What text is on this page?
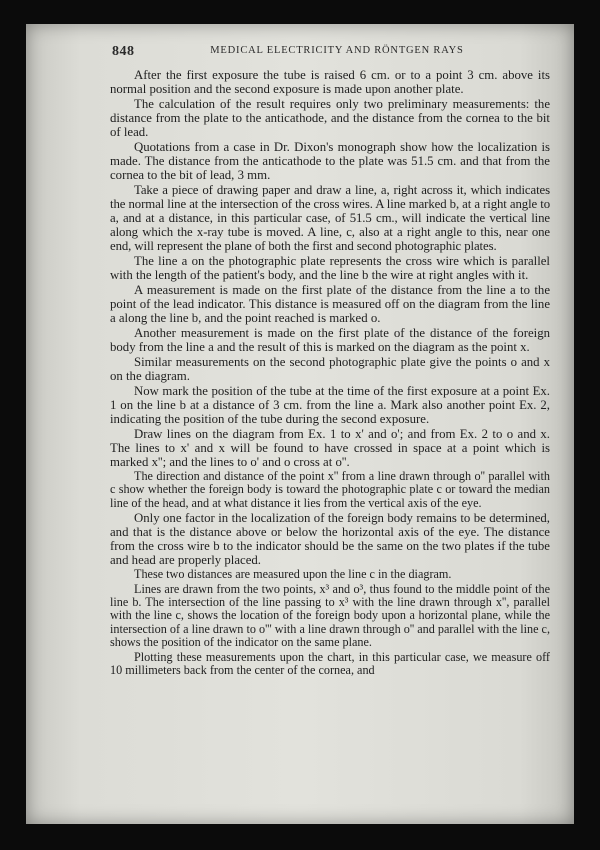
848	MEDICAL ELECTRICITY AND RÖNTGEN RAYS

After the first exposure the tube is raised 6 cm. or to a point 3 cm. above its normal position and the second exposure is made upon another plate.

The calculation of the result requires only two preliminary measurements: the distance from the plate to the anticathode, and the distance from the cornea to the bit of lead.

Quotations from a case in Dr. Dixon's monograph show how the localization is made. The distance from the anticathode to the plate was 51.5 cm. and that from the cornea to the bit of lead, 3 mm.

Take a piece of drawing paper and draw a line, a, right across it, which indicates the normal line at the intersection of the cross wires. A line marked b, at a right angle to a, and at a distance, in this particular case, of 51.5 cm., will indicate the vertical line along which the x-ray tube is moved. A line, c, also at a right angle to this, near one end, will represent the plane of both the first and second photographic plates.

The line a on the photographic plate represents the cross wire which is parallel with the length of the patient's body, and the line b the wire at right angles with it.

A measurement is made on the first plate of the distance from the line a to the point of the lead indicator. This distance is measured off on the diagram from the line a along the line b, and the point reached is marked o.

Another measurement is made on the first plate of the distance of the foreign body from the line a and the result of this is marked on the diagram as the point x.

Similar measurements on the second photographic plate give the points o and x on the diagram.

Now mark the position of the tube at the time of the first exposure at a point Ex. 1 on the line b at a distance of 3 cm. from the line a. Mark also another point Ex. 2, indicating the position of the tube during the second exposure.

Draw lines on the diagram from Ex. 1 to x' and o'; and from Ex. 2 to o and x. The lines to x' and x will be found to have crossed in space at a point which is marked x''; and the lines to o' and o cross at o''.

The direction and distance of the point x'' from a line drawn through o'' parallel with c show whether the foreign body is toward the photographic plate c or toward the median line of the head, and at what distance it lies from the vertical axis of the eye.

Only one factor in the localization of the foreign body remains to be determined, and that is the distance above or below the horizontal axis of the eye. The distance from the cross wire b to the indicator should be the same on the two plates if the tube and head are properly placed.

These two distances are measured upon the line c in the diagram.

Lines are drawn from the two points, x³ and o³, thus found to the middle point of the line b. The intersection of the line passing to x³ with the line drawn through x'', parallel with the line c, shows the location of the foreign body upon a horizontal plane, while the intersection of a line drawn to o''' with a line drawn through o'' and parallel with the line c, shows the position of the indicator on the same plane.

Plotting these measurements upon the chart, in this particular case, we measure off 10 millimeters back from the center of the cornea, and
